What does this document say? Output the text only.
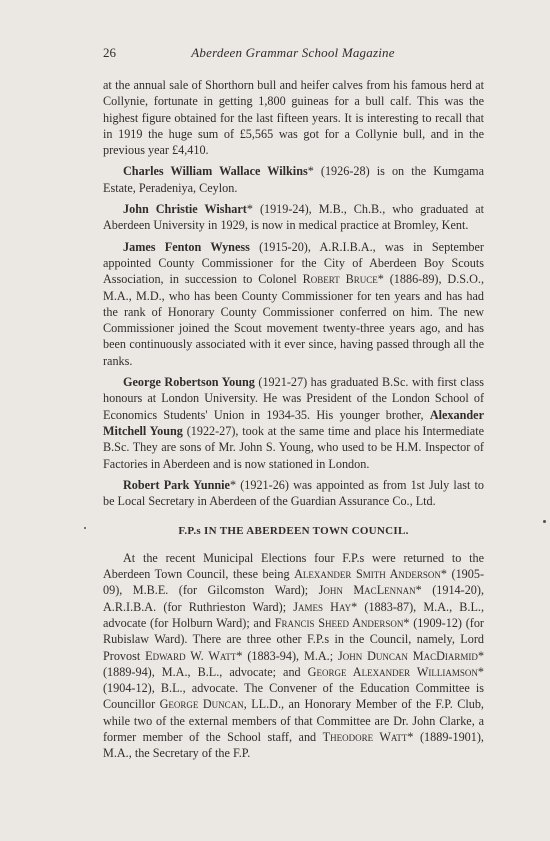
26	Aberdeen Grammar School Magazine

at the annual sale of Shorthorn bull and heifer calves from his famous herd at Collynie, fortunate in getting 1,800 guineas for a bull calf. This was the highest figure obtained for the last fifteen years. It is interesting to recall that in 1919 the huge sum of £5,565 was got for a Collynie bull, and in the previous year £4,410.

Charles William Wallace Wilkins* (1926-28) is on the Kumgama Estate, Peradeniya, Ceylon.

John Christie Wishart* (1919-24), M.B., Ch.B., who graduated at Aberdeen University in 1929, is now in medical practice at Bromley, Kent.

James Fenton Wyness (1915-20), A.R.I.B.A., was in September appointed County Commissioner for the City of Aberdeen Boy Scouts Association, in succession to Colonel Robert Bruce* (1886-89), D.S.O., M.A., M.D., who has been County Commissioner for ten years and has had the rank of Honorary County Commissioner conferred on him. The new Commissioner joined the Scout movement twenty-three years ago, and has been continuously associated with it ever since, having passed through all the ranks.

George Robertson Young (1921-27) has graduated B.Sc. with first class honours at London University. He was President of the London School of Economics Students' Union in 1934-35. His younger brother, Alexander Mitchell Young (1922-27), took at the same time and place his Intermediate B.Sc. They are sons of Mr. John S. Young, who used to be H.M. Inspector of Factories in Aberdeen and is now stationed in London.

Robert Park Yunnie* (1921-26) was appointed as from 1st July last to be Local Secretary in Aberdeen of the Guardian Assurance Co., Ltd.

F.P.s IN THE ABERDEEN TOWN COUNCIL.

At the recent Municipal Elections four F.P.s were returned to the Aberdeen Town Council, these being Alexander Smith Anderson* (1905-09), M.B.E. (for Gilcomston Ward); John MacLennan* (1914-20), A.R.I.B.A. (for Ruthrieston Ward); James Hay* (1883-87), M.A., B.L., advocate (for Holburn Ward); and Francis Sheed Anderson* (1909-12) (for Rubislaw Ward). There are three other F.P.s in the Council, namely, Lord Provost Edward W. Watt* (1883-94), M.A.; John Duncan MacDiarmid* (1889-94), M.A., B.L., advocate; and George Alexander Williamson* (1904-12), B.L., advocate. The Convener of the Education Committee is Councillor George Duncan, LL.D., an Honorary Member of the F.P. Club, while two of the external members of that Committee are Dr. John Clarke, a former member of the School staff, and Theodore Watt* (1889-1901), M.A., the Secretary of the F.P.
